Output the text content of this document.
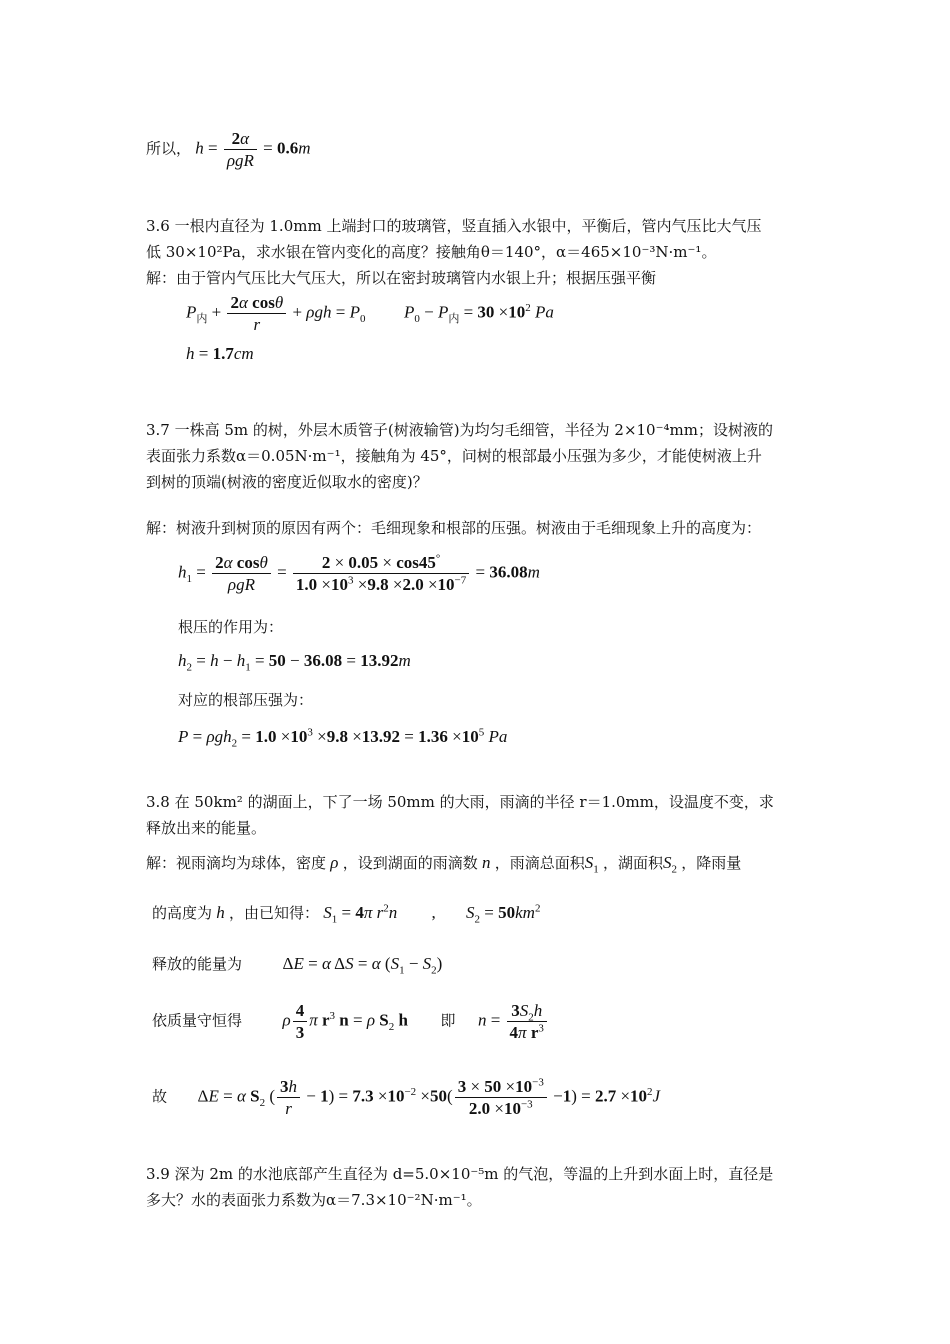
所以， $h = \frac{2\alpha}{\text{ρgR}} = 0.6m$
3.6 一根内直径为 1.0mm 上端封口的玻璃管，竖直插入水银中，平衡后，管内气压比大气压
低 30×10²Pa，求水银在管内变化的高度？接触角θ＝140°，α＝465×10⁻³N·m⁻¹。
解：由于管内气压比大气压大，所以在密封玻璃管内水银上升；根据压强平衡
$P_内 + \frac{\text{2α cosθ}}{r} + \rho gh = P_0$ $P_0 - P_内 = 30 \times 10^2$ Pa
h = 1.7cm
3.7 一株高 5m 的树，外层木质管子(树液输管)为均匀毛细管，半径为 2×10⁻⁴mm；设树液的
表面张力系数α＝0.05N·m⁻¹，接触角为 45°，问树的根部最小压强为多少，才能使树液上升
到树的顶端(树液的密度近似取水的密度)？
解：树液升到树顶的原因有两个：毛细现象和根部的压强。树液由于毛细现象上升的高度为：
$h_1 = \frac{\text{2α cosθ}}{\text{ρgR}} = \frac{2 \times 0.05 \times \cos 45^\circ}{1.0 \times 10^3 \times 9.8 \times 2.0 \times 10^{-7}} = 36.08m$
根压的作用为：
$h_2 = h - h_1 = 50 - 36.08 = 13.92m$
对应的根部压强为：
$P = \rho gh_2 = 1.0 \times 10^3 \times 9.8 \times 13.92 = 1.36 \times 10^5$ Pa
3.8 在 50km² 的湖面上，下了一场 50mm 的大雨，雨滴的半径 r＝1.0mm，设温度不变，求
释放出来的能量。
解：视雨滴均为球体，密度 ρ ，设到湖面的雨滴数 n ，雨滴总面积$S_1$ ，湖面积$S_2$ ，降雨量
的高度为 h ，由已知得： $S_1 = 4\pi$ $r^2n$ , $S_2 = 50km^2$
释放的能量为  ΔE = α ΔS = α $(S_1 - S_2)$
依质量守恒得 ρ $\frac{4}{3}$ π $r^3$ n = ρ $S_2$ h 即 $n = \frac{3S_2h}{4\pi r^3}$
故  ΔE = α $S_2$ ( $\frac{3h}{r} - 1) = 7.3 \times 10^{-2} \times 50( \frac{3 \times 50 \times 10^{-3}}{2.0 \times 10^{-3}} -1) = 2.7 \times 10^2J$
3.9 深为 2m 的水池底部产生直径为 d=5.0×10⁻⁵m 的气泡，等温的上升到水面上时，直径是
多大？水的表面张力系数为α＝7.3×10⁻²N·m⁻¹。
